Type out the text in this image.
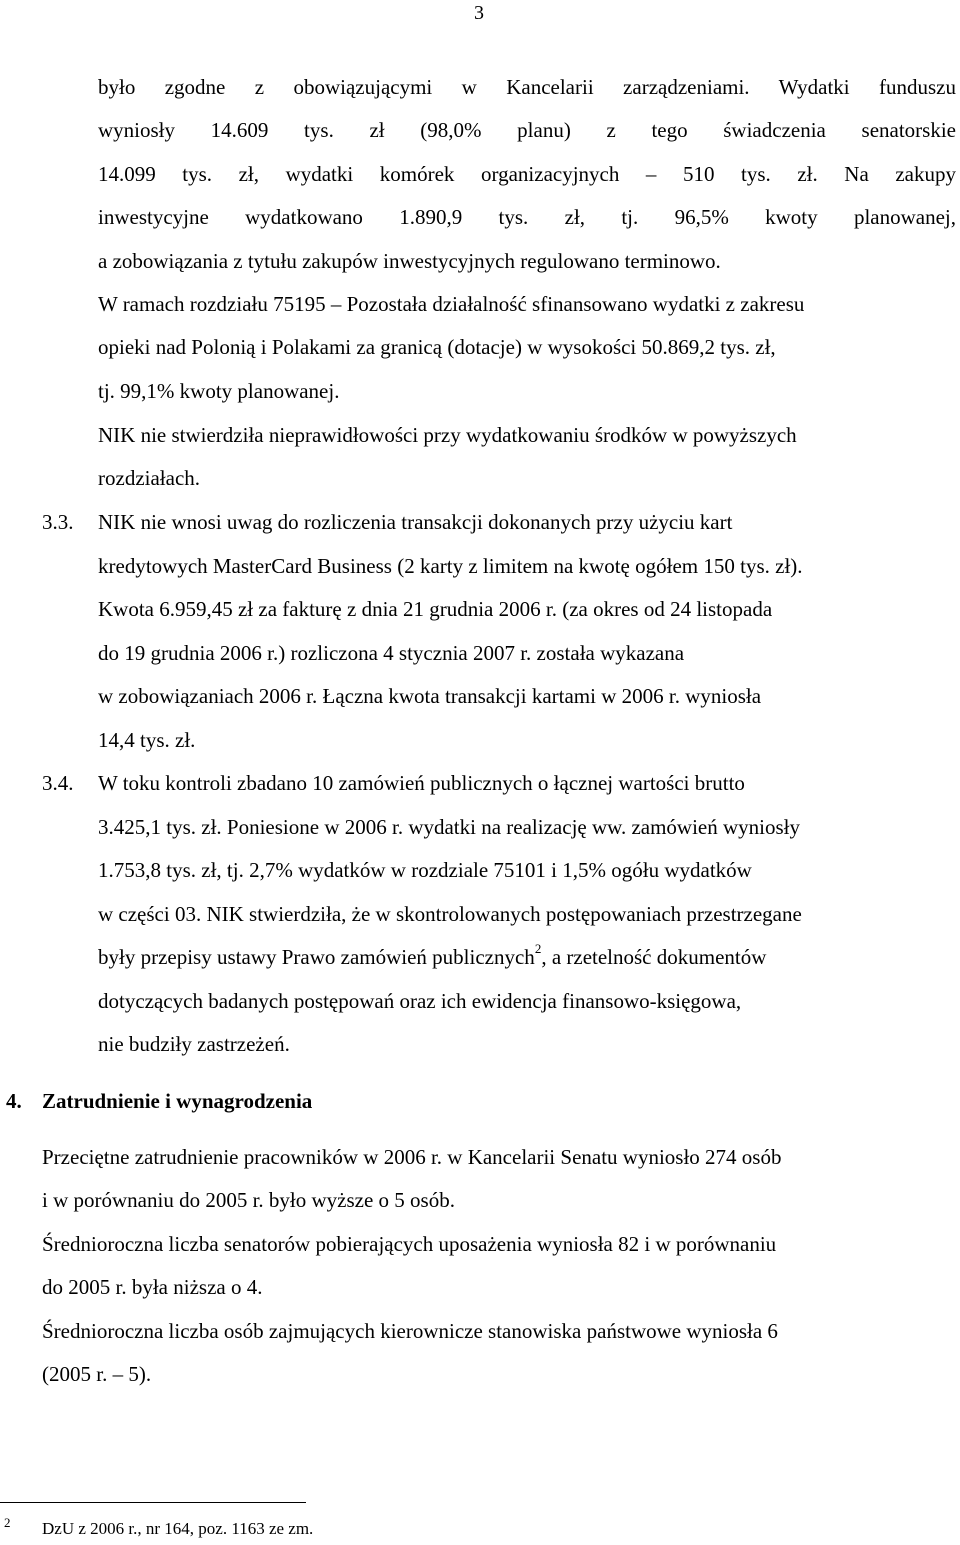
3
było zgodne z obowiązującymi w Kancelarii zarządzeniami. Wydatki funduszu
wyniosły 14.609 tys. zł (98,0% planu) z tego świadczenia senatorskie
14.099 tys. zł, wydatki komórek organizacyjnych – 510 tys. zł. Na zakupy
inwestycyjne wydatkowano 1.890,9 tys. zł, tj. 96,5% kwoty planowanej,
a zobowiązania z tytułu zakupów inwestycyjnych regulowano terminowo.
W ramach rozdziału 75195 – Pozostała działalność sfinansowano wydatki z zakresu
opieki nad Polonią i Polakami za granicą (dotacje) w wysokości 50.869,2 tys. zł,
tj. 99,1% kwoty planowanej.
NIK nie stwierdziła nieprawidłowości przy wydatkowaniu środków w powyższych
rozdziałach.
3.3. NIK nie wnosi uwag do rozliczenia transakcji dokonanych przy użyciu kart
kredytowych MasterCard Business (2 karty z limitem na kwotę ogółem 150 tys. zł).
Kwota 6.959,45 zł za fakturę z dnia 21 grudnia 2006 r. (za okres od 24 listopada
do 19 grudnia 2006 r.) rozliczona 4 stycznia 2007 r. została wykazana
w zobowiązaniach 2006 r. Łączna kwota transakcji kartami w 2006 r. wyniosła
14,4 tys. zł.
3.4. W toku kontroli zbadano 10 zamówień publicznych o łącznej wartości brutto
3.425,1 tys. zł. Poniesione w 2006 r. wydatki na realizację ww. zamówień wyniosły
1.753,8 tys. zł, tj. 2,7% wydatków w rozdziale 75101 i 1,5% ogółu wydatków
w części 03. NIK stwierdziła, że w skontrolowanych postępowaniach przestrzegane
były przepisy ustawy Prawo zamówień publicznych$^2$, a rzetelność dokumentów
dotyczących badanych postępowań oraz ich ewidencja finansowo-księgowa,
nie budziły zastrzeżeń.
4. Zatrudnienie i wynagrodzenia
Przeciętne zatrudnienie pracowników w 2006 r. w Kancelarii Senatu wyniosło 274 osób
i w porównaniu do 2005 r. było wyższe o 5 osób.
Średnioroczna liczba senatorów pobierających uposażenia wyniosła 82 i w porównaniu
do 2005 r. była niższa o 4.
Średnioroczna liczba osób zajmujących kierownicze stanowiska państwowe wyniosła 6
(2005 r. – 5).
2 DzU z 2006 r., nr 164, poz. 1163 ze zm.
